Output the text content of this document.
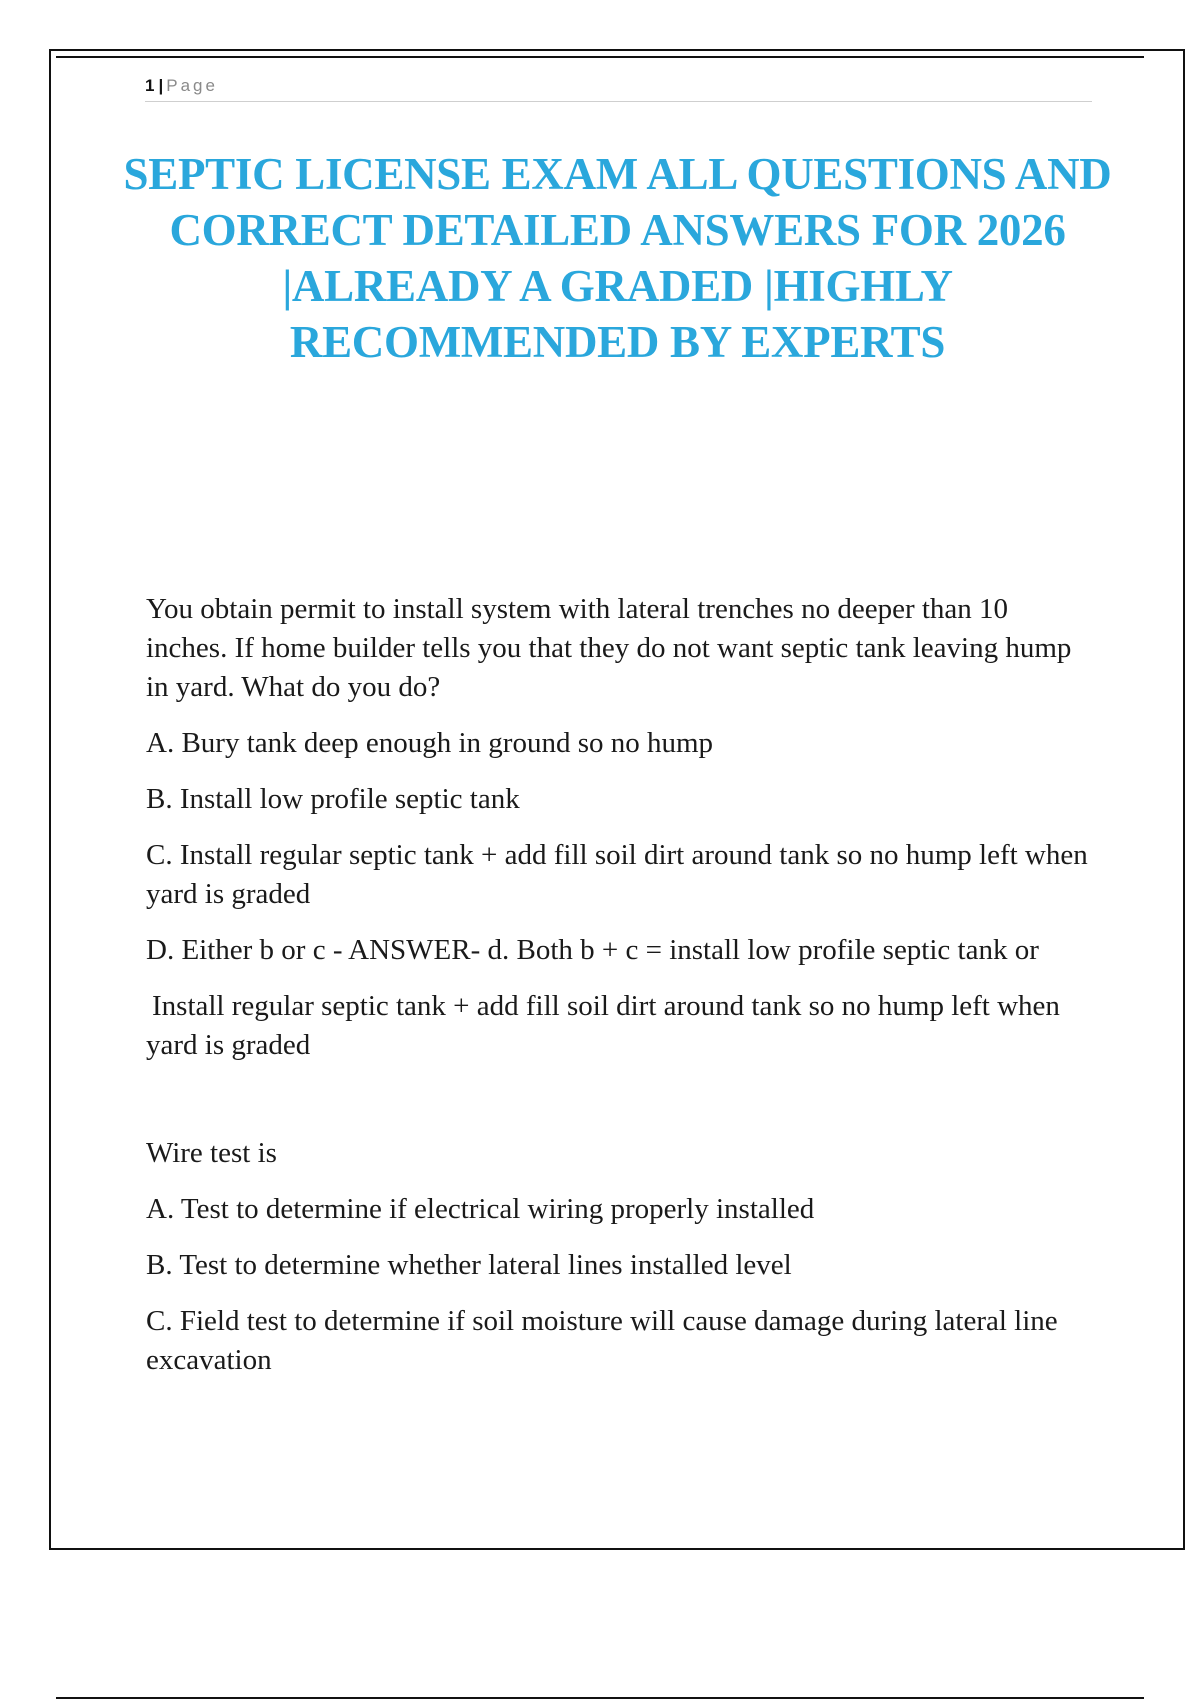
1 | Page
SEPTIC LICENSE EXAM ALL QUESTIONS AND CORRECT DETAILED ANSWERS FOR 2026 |ALREADY A GRADED |HIGHLY RECOMMENDED BY EXPERTS

You obtain permit to install system with lateral trenches no deeper than 10 inches. If home builder tells you that they do not want septic tank leaving hump in yard. What do you do?

A. Bury tank deep enough in ground so no hump

B. Install low profile septic tank

C. Install regular septic tank + add fill soil dirt around tank so no hump left when yard is graded

D. Either b or c - ANSWER- d. Both b + c = install low profile septic tank or

Install regular septic tank + add fill soil dirt around tank so no hump left when yard is graded

Wire test is

A. Test to determine if electrical wiring properly installed

B. Test to determine whether lateral lines installed level

C. Field test to determine if soil moisture will cause damage during lateral line excavation
